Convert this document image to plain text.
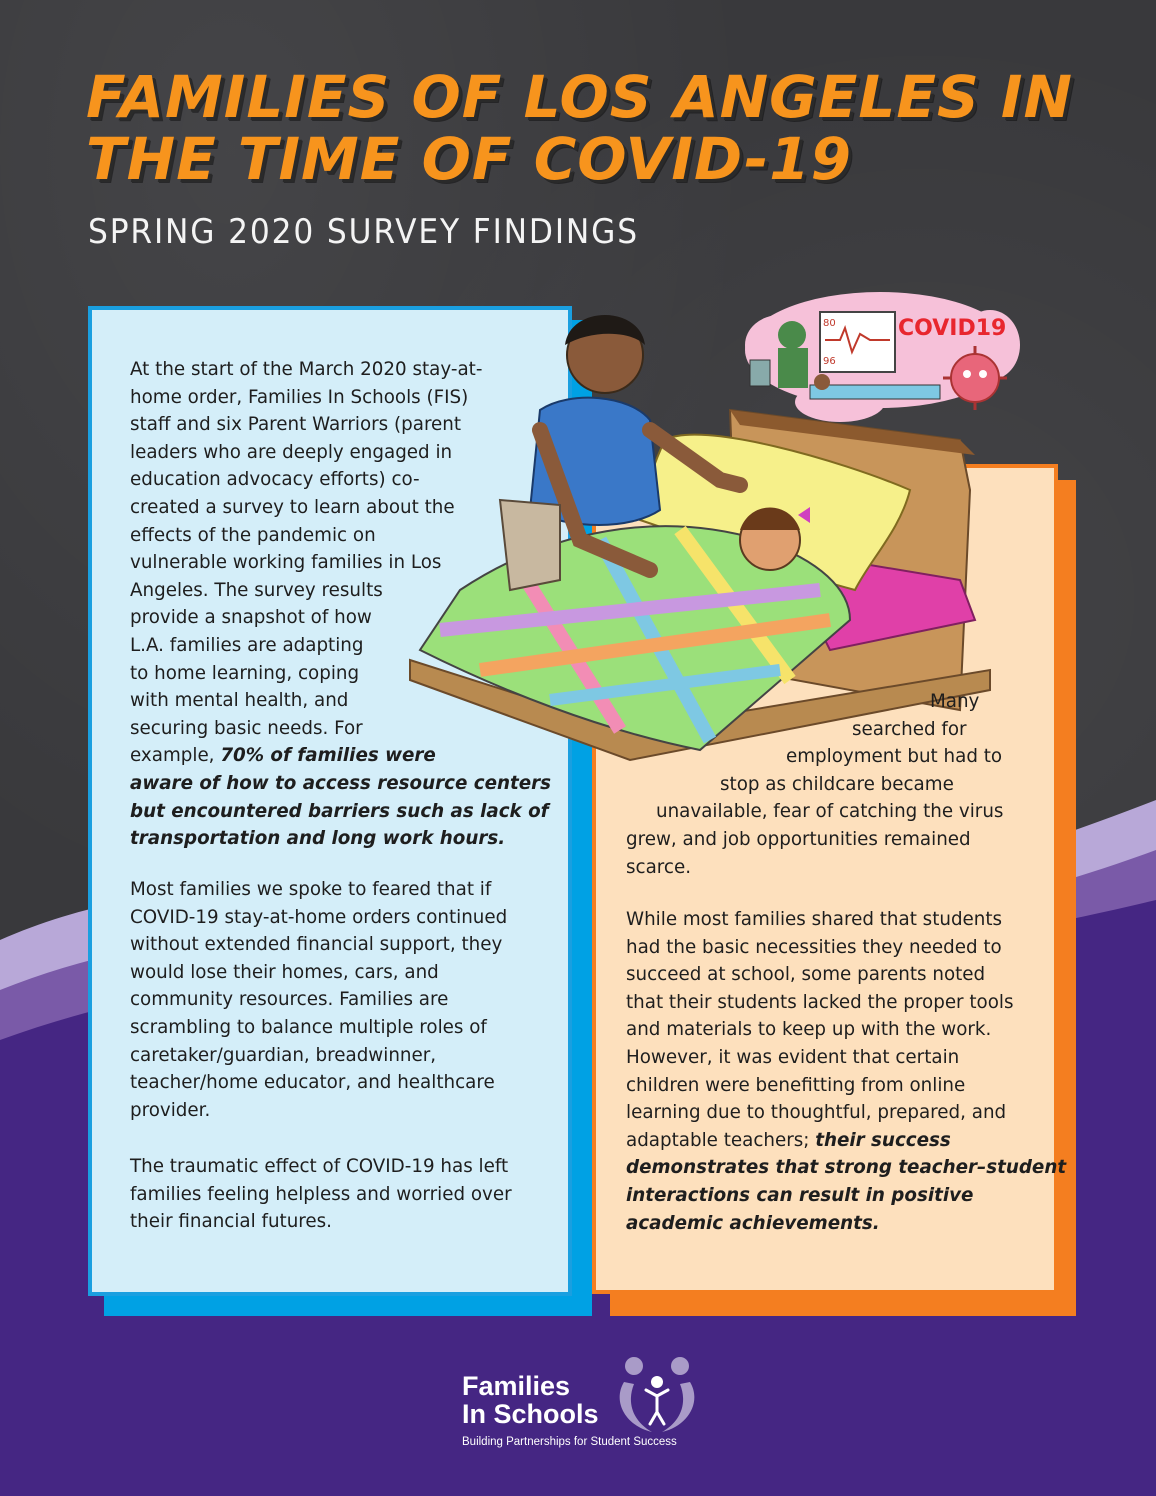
FAMILIES OF LOS ANGELES IN
THE TIME OF COVID-19
SPRING 2020 SURVEY FINDINGS
80
96
COVID19
At the start of the March 2020 stay-at-
home order, Families In Schools (FIS)
staff and six Parent Warriors (parent
leaders who are deeply engaged in
education advocacy efforts) co-
created a survey to learn about the
effects of the pandemic on
vulnerable working families in Los
Angeles. The survey results
provide a snapshot of how
L.A. families are adapting
to home learning, coping
with mental health, and
securing basic needs. For
example, 70% of families were
aware of how to access resource centers
but encountered barriers such as lack of
transportation and long work hours.
Most families we spoke to feared that if
COVID-19 stay-at-home orders continued
without extended financial support, they
would lose their homes, cars, and
community resources. Families are
scrambling to balance multiple roles of
caretaker/guardian, breadwinner,
teacher/home educator, and healthcare
provider.
The traumatic effect of COVID-19 has left
families feeling helpless and worried over
their financial futures.
Many
searched for
employment but had to
stop as childcare became
unavailable, fear of catching the virus
grew, and job opportunities remained
scarce.
While most families shared that students
had the basic necessities they needed to
succeed at school, some parents noted
that their students lacked the proper tools
and materials to keep up with the work.
However, it was evident that certain
children were benefitting from online
learning due to thoughtful, prepared, and
adaptable teachers; their success
demonstrates that strong teacher–student
interactions can result in positive
academic achievements.
Families
In Schools
Building Partnerships for Student Success
